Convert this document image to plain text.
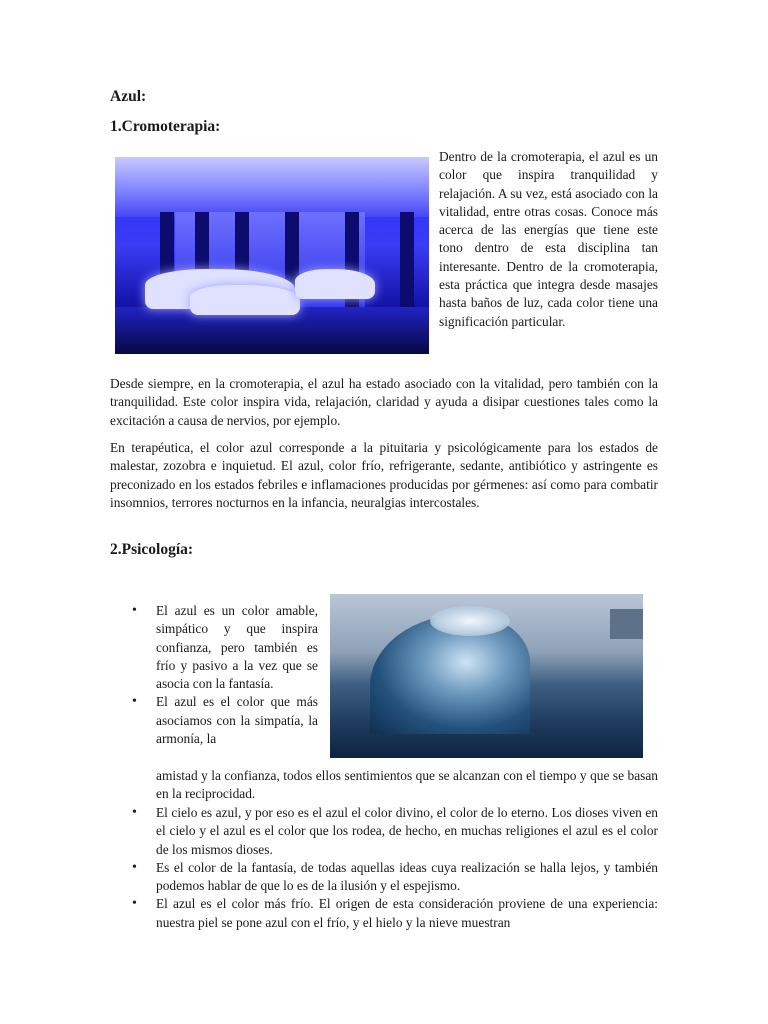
Azul:
1.Cromoterapia:

Dentro de la cromoterapia, el azul es un color que inspira tranquilidad y relajación. A su vez, está asociado con la vitalidad, entre otras cosas. Conoce más acerca de las energías que tiene este tono dentro de esta disciplina tan interesante. Dentro de la cromoterapia, esta práctica que integra desde masajes hasta baños de luz, cada color tiene una significación particular.

Desde siempre, en la cromoterapia, el azul ha estado asociado con la vitalidad, pero también con la tranquilidad. Este color inspira vida, relajación, claridad y ayuda a disipar cuestiones tales como la excitación a causa de nervios, por ejemplo.

En terapéutica, el color azul corresponde a la pituitaria y psicológicamente para los estados de malestar, zozobra e inquietud. El azul, color frío, refrigerante, sedante, antibiótico y astringente es preconizado en los estados febriles e inflamaciones producidas por gérmenes: así como para combatir insomnios, terrores nocturnos en la infancia, neuralgias intercostales.

2.Psicología:
• El azul es un color amable, simpático y que inspira confianza, pero también es frío y pasivo a la vez que se asocia con la fantasía.
• El azul es el color que más asociamos con la simpatía, la armonía, la

amistad y la confianza, todos ellos sentimientos que se alcanzan con el tiempo y que se basan en la reciprocidad.

• El cielo es azul, y por eso es el azul el color divino, el color de lo eterno. Los dioses viven en el cielo y el azul es el color que los rodea, de hecho, en muchas religiones el azul es el color de los mismos dioses.
• Es el color de la fantasía, de todas aquellas ideas cuya realización se halla lejos, y también podemos hablar de que lo es de la ilusión y el espejismo.
• El azul es el color más frío. El origen de esta consideración proviene de una experiencia: nuestra piel se pone azul con el frío, y el hielo y la nieve muestran
